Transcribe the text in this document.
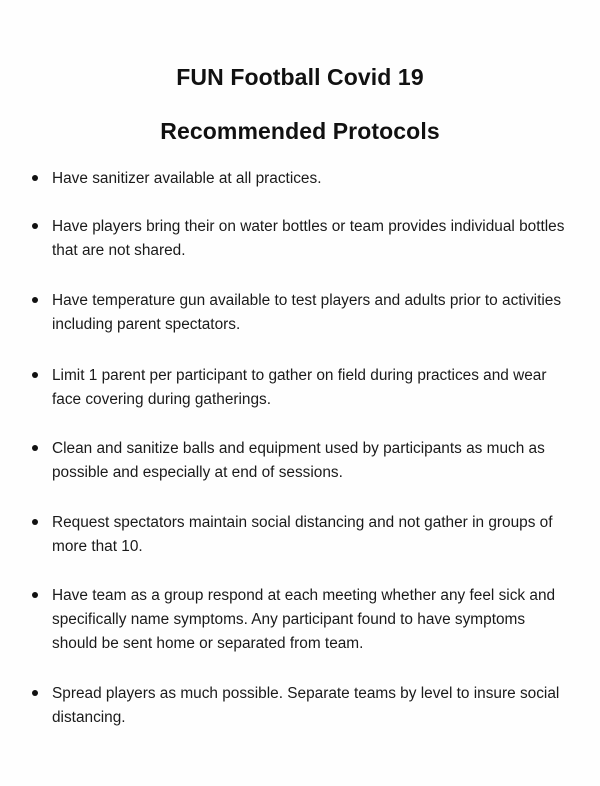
FUN Football Covid 19
Recommended Protocols
Have sanitizer available at all practices.
Have players bring their on water bottles or team provides individual bottles that are not shared.
Have temperature gun available to test players and adults prior to activities including parent spectators.
Limit 1 parent per participant to gather on field during practices and wear face covering during gatherings.
Clean and sanitize balls and equipment used by participants as much as possible and especially at end of sessions.
Request spectators maintain social distancing and not gather in groups of more that 10.
Have team as a group respond at each meeting whether any feel sick and specifically name symptoms. Any participant found to have symptoms should be sent home or separated from team.
Spread players as much possible. Separate teams by level to insure social distancing.
